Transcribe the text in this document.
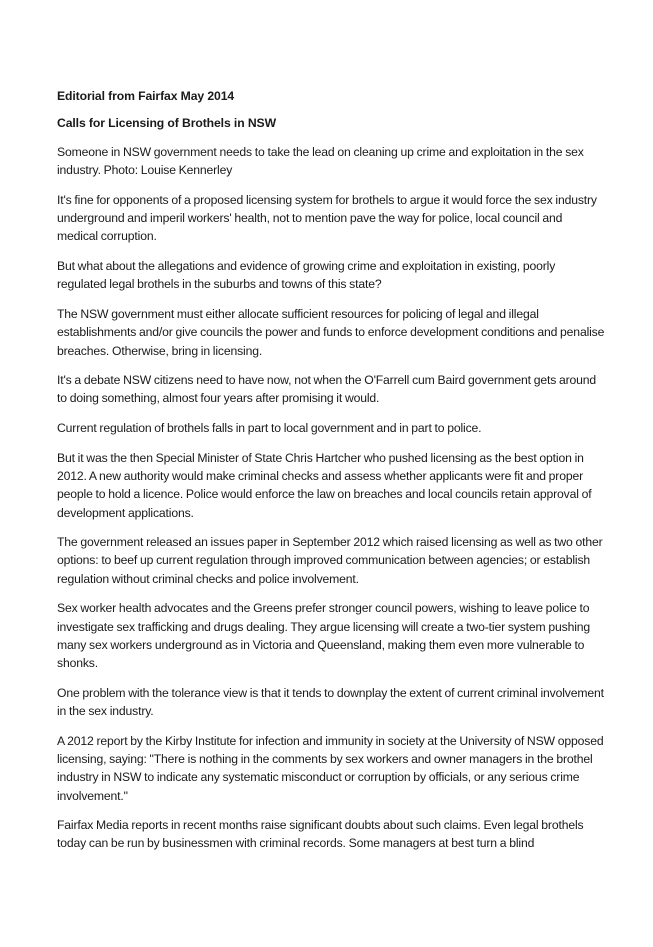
Editorial from Fairfax May 2014
Calls for Licensing of Brothels in NSW

Someone in NSW government needs to take the lead on cleaning up crime and exploitation in the sex industry. Photo: Louise Kennerley

It's fine for opponents of a proposed licensing system for brothels to argue it would force the sex industry underground and imperil workers' health, not to mention pave the way for police, local council and medical corruption.

But what about the allegations and evidence of growing crime and exploitation in existing, poorly regulated legal brothels in the suburbs and towns of this state?

The NSW government must either allocate sufficient resources for policing of legal and illegal establishments and/or give councils the power and funds to enforce development conditions and penalise breaches. Otherwise, bring in licensing.

It's a debate NSW citizens need to have now, not when the O'Farrell cum Baird government gets around to doing something, almost four years after promising it would.

Current regulation of brothels falls in part to local government and in part to police.

But it was the then Special Minister of State Chris Hartcher who pushed licensing as the best option in 2012. A new authority would make criminal checks and assess whether applicants were fit and proper people to hold a licence. Police would enforce the law on breaches and local councils retain approval of development applications.

The government released an issues paper in September 2012 which raised licensing as well as two other options: to beef up current regulation through improved communication between agencies; or establish regulation without criminal checks and police involvement.

Sex worker health advocates and the Greens prefer stronger council powers, wishing to leave police to investigate sex trafficking and drugs dealing. They argue licensing will create a two-tier system pushing many sex workers underground as in Victoria and Queensland, making them even more vulnerable to shonks.

One problem with the tolerance view is that it tends to downplay the extent of current criminal involvement in the sex industry.

A 2012 report by the Kirby Institute for infection and immunity in society at the University of NSW opposed licensing, saying: "There is nothing in the comments by sex workers and owner managers in the brothel industry in NSW to indicate any systematic misconduct or corruption by officials, or any serious crime involvement."

Fairfax Media reports in recent months raise significant doubts about such claims. Even legal brothels today can be run by businessmen with criminal records. Some managers at best turn a blind
